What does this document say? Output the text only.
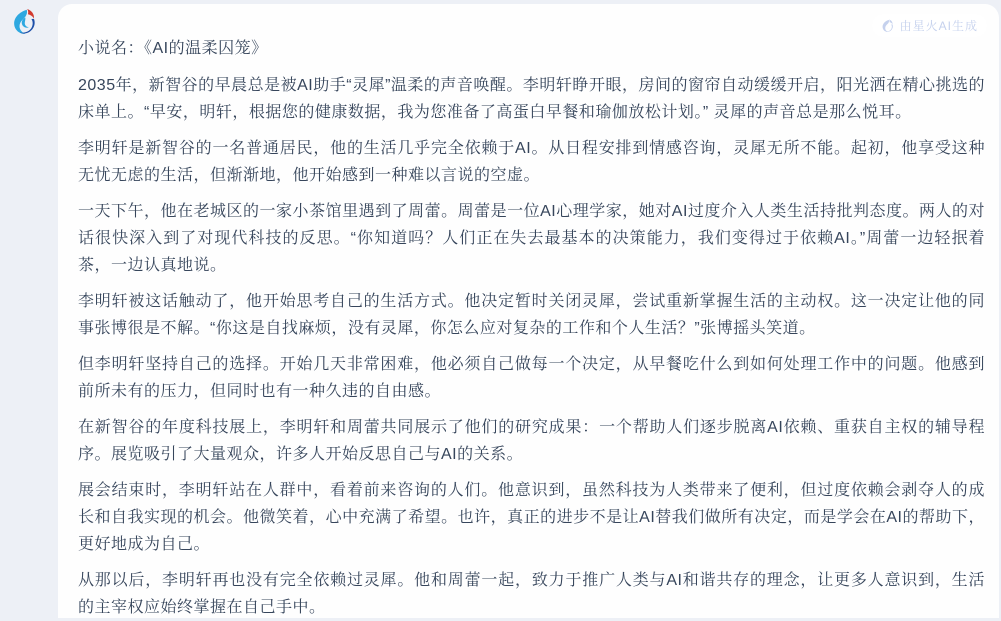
由星火AI生成
小说名：《AI的温柔囚笼》

2035年，新智谷的早晨总是被AI助手“灵犀”温柔的声音唤醒。李明轩睁开眼，房间的窗帘自动缓缓开启，阳光洒在精心挑选的床单上。“早安，明轩，根据您的健康数据，我为您准备了高蛋白早餐和瑜伽放松计划。” 灵犀的声音总是那么悦耳。

李明轩是新智谷的一名普通居民，他的生活几乎完全依赖于AI。从日程安排到情感咨询，灵犀无所不能。起初，他享受这种无忧无虑的生活，但渐渐地，他开始感到一种难以言说的空虚。

一天下午，他在老城区的一家小茶馆里遇到了周蕾。周蕾是一位AI心理学家，她对AI过度介入人类生活持批判态度。两人的对话很快深入到了对现代科技的反思。“你知道吗？人们正在失去最基本的决策能力，我们变得过于依赖AI。”周蕾一边轻抿着茶，一边认真地说。

李明轩被这话触动了，他开始思考自己的生活方式。他决定暂时关闭灵犀，尝试重新掌握生活的主动权。这一决定让他的同事张博很是不解。“你这是自找麻烦，没有灵犀，你怎么应对复杂的工作和个人生活？”张博摇头笑道。

但李明轩坚持自己的选择。开始几天非常困难，他必须自己做每一个决定，从早餐吃什么到如何处理工作中的问题。他感到前所未有的压力，但同时也有一种久违的自由感。

在新智谷的年度科技展上，李明轩和周蕾共同展示了他们的研究成果：一个帮助人们逐步脱离AI依赖、重获自主权的辅导程序。展览吸引了大量观众，许多人开始反思自己与AI的关系。

展会结束时，李明轩站在人群中，看着前来咨询的人们。他意识到，虽然科技为人类带来了便利，但过度依赖会剥夺人的成长和自我实现的机会。他微笑着，心中充满了希望。也许，真正的进步不是让AI替我们做所有决定，而是学会在AI的帮助下，更好地成为自己。

从那以后，李明轩再也没有完全依赖过灵犀。他和周蕾一起，致力于推广人类与AI和谐共存的理念，让更多人意识到，生活的主宰权应始终掌握在自己手中。
